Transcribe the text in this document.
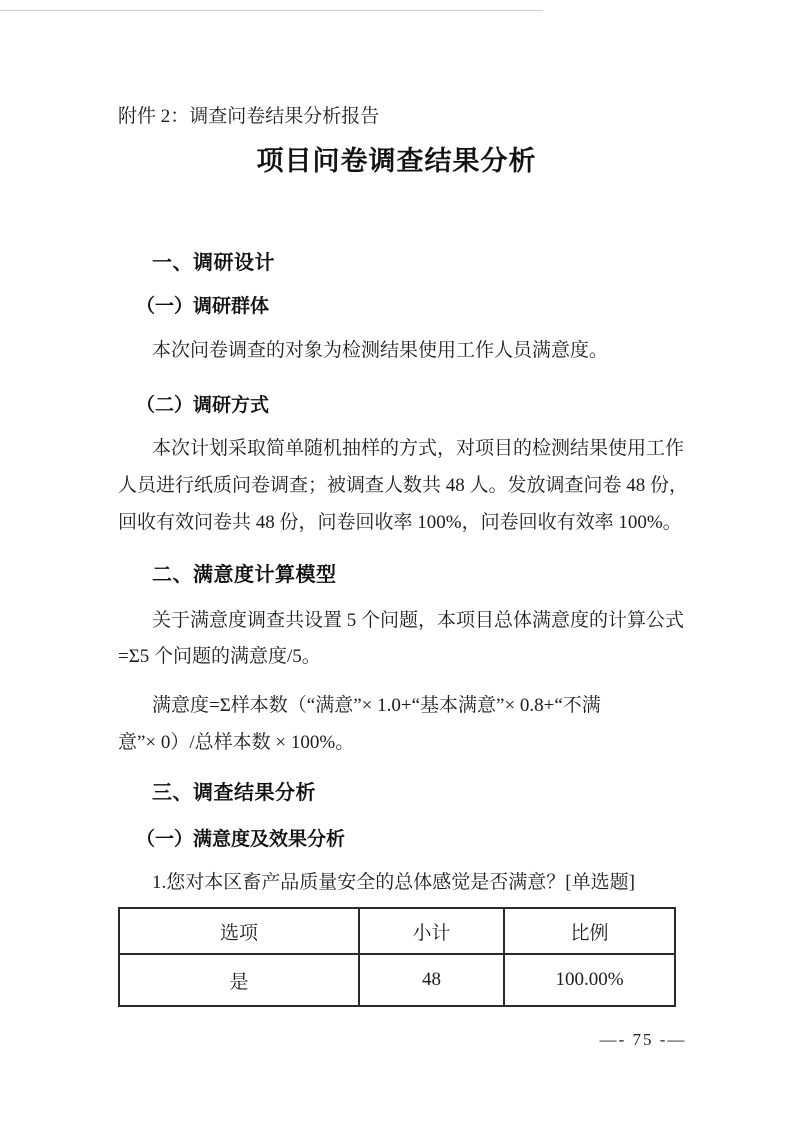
附件 2：调查问卷结果分析报告
项目问卷调查结果分析
一、调研设计
（一）调研群体
本次问卷调查的对象为检测结果使用工作人员满意度。
（二）调研方式
本次计划采取简单随机抽样的方式，对项目的检测结果使用工作
人员进行纸质问卷调查；被调查人数共 48 人。发放调查问卷 48 份，
回收有效问卷共 48 份，问卷回收率 100%，问卷回收有效率 100%。
二、满意度计算模型
关于满意度调查共设置 5 个问题，本项目总体满意度的计算公式
=Σ5 个问题的满意度/5。
满意度=Σ样本数（“满意”× 1.0+“基本满意”× 0.8+“不满
意”× 0）/总样本数 × 100%。
三、调查结果分析
（一）满意度及效果分析
1.您对本区畜产品质量安全的总体感觉是否满意？[单选题]
选项	小计	比例
是	48	100.00%
—- 75 -—
